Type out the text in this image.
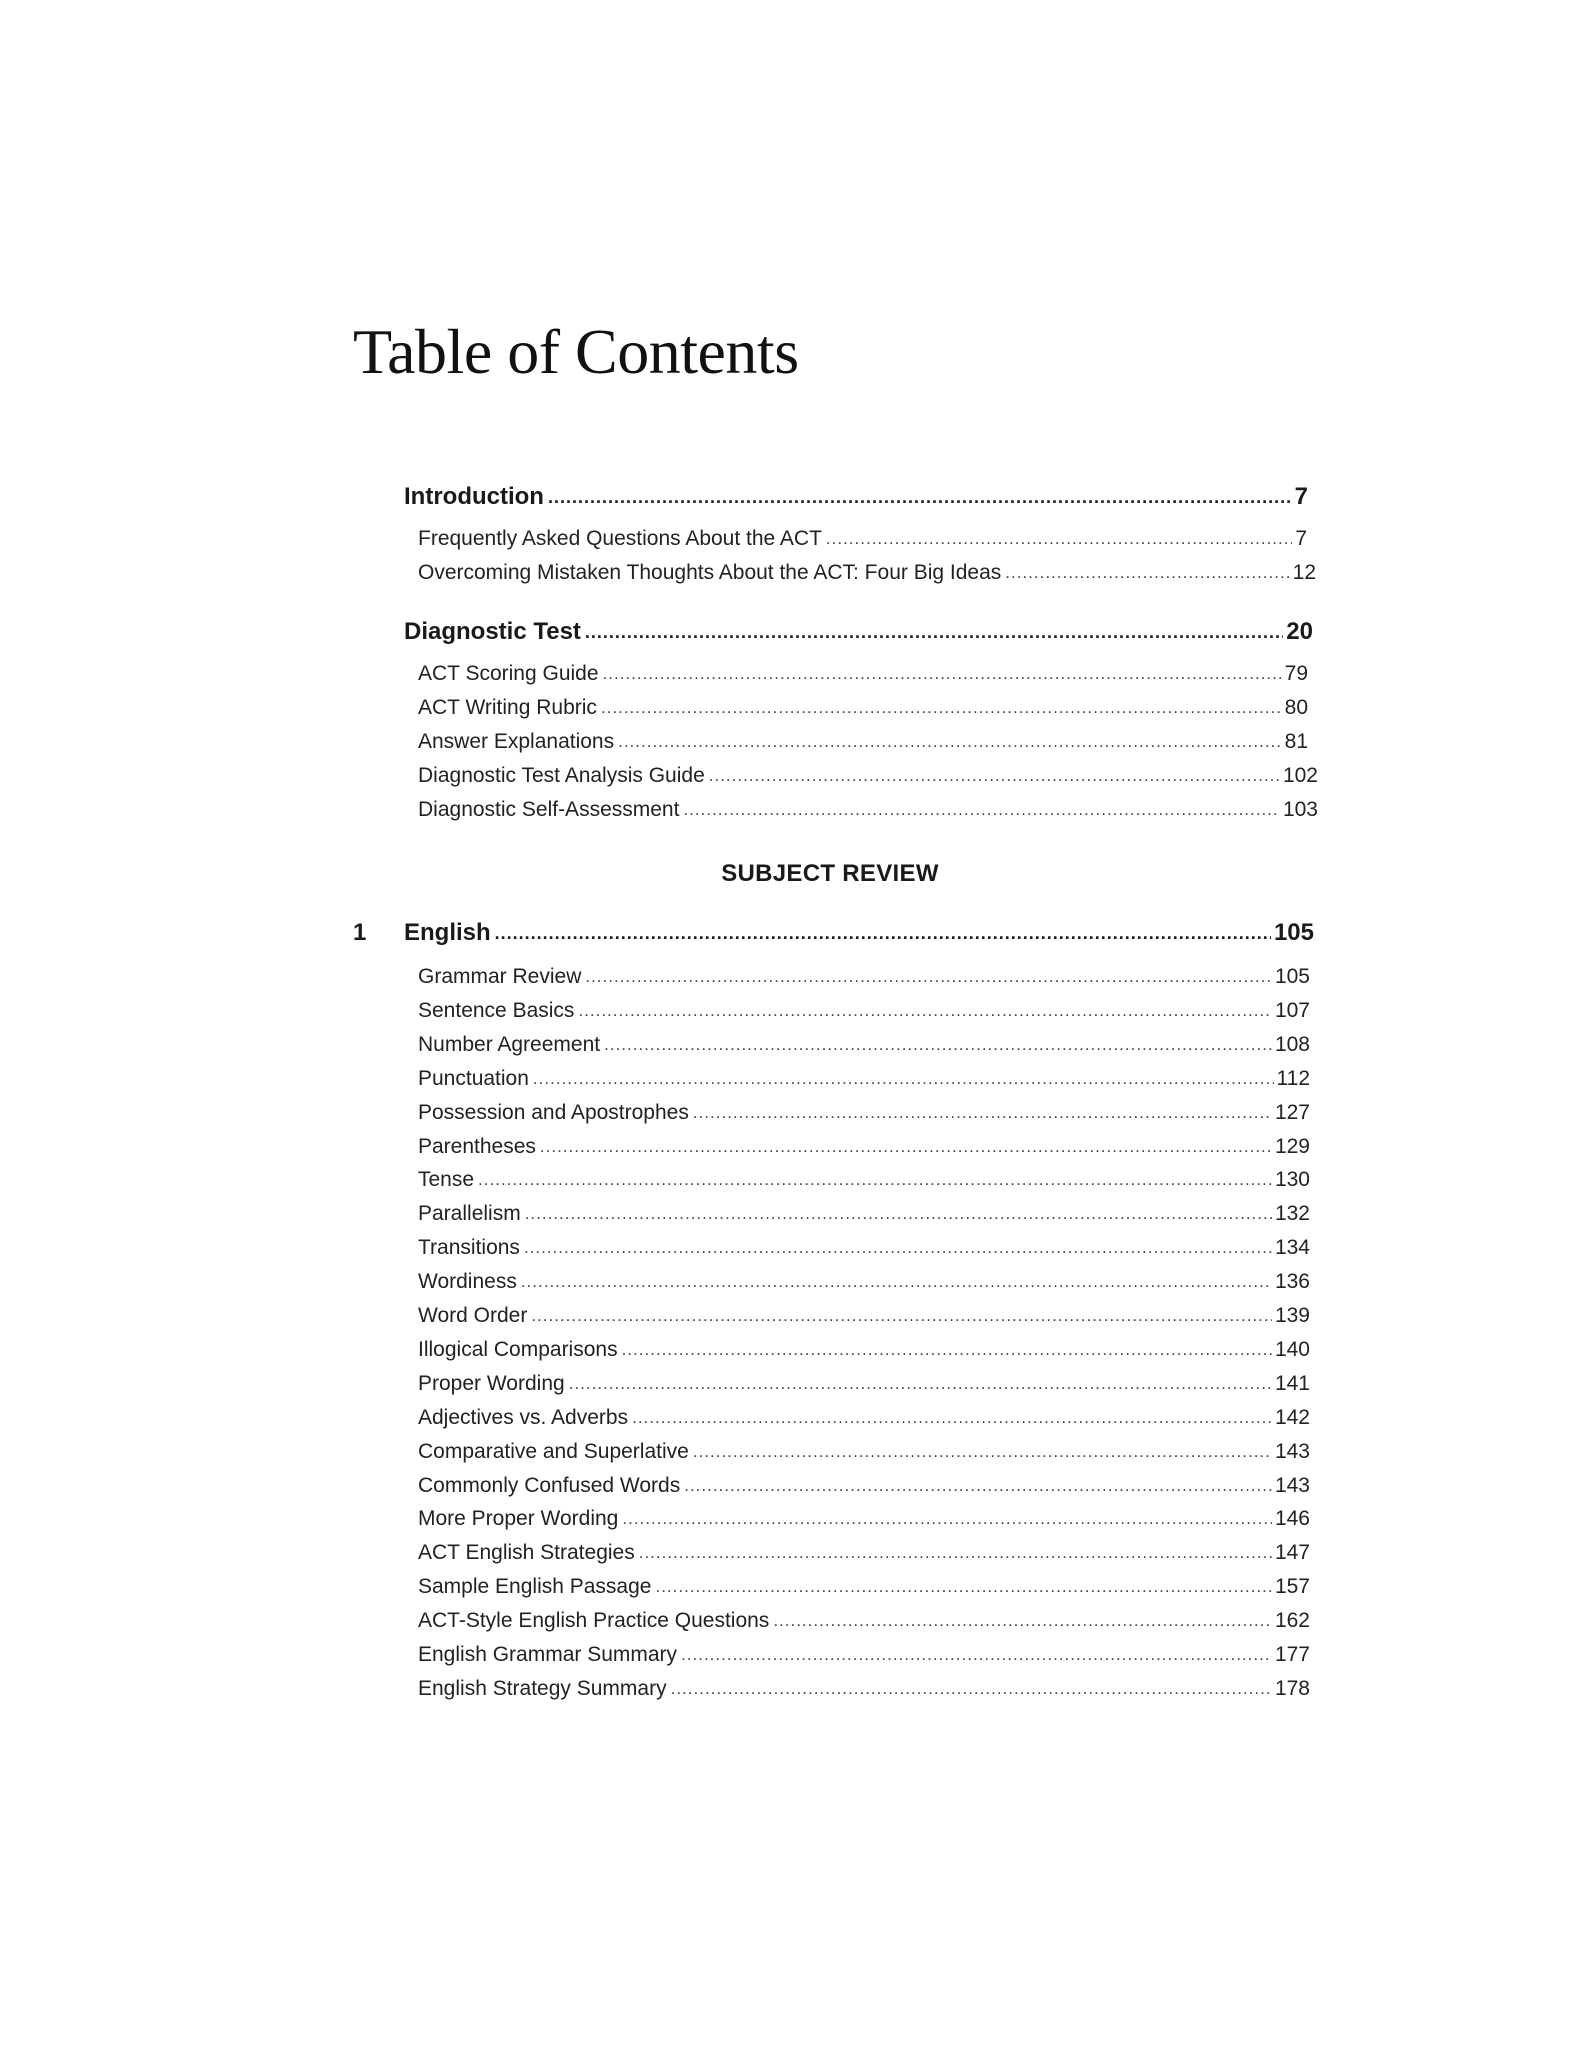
Table of Contents
Introduction .....	7
Frequently Asked Questions About the ACT .....	7
Overcoming Mistaken Thoughts About the ACT: Four Big Ideas .....	12
Diagnostic Test .....	20
ACT Scoring Guide .....	79
ACT Writing Rubric .....	80
Answer Explanations .....	81
Diagnostic Test Analysis Guide .....	102
Diagnostic Self-Assessment .....	103
SUBJECT REVIEW
1 English .....	105
Grammar Review .....	105
Sentence Basics .....	107
Number Agreement .....	108
Punctuation .....	112
Possession and Apostrophes .....	127
Parentheses .....	129
Tense .....	130
Parallelism .....	132
Transitions .....	134
Wordiness .....	136
Word Order .....	139
Illogical Comparisons .....	140
Proper Wording .....	141
Adjectives vs. Adverbs .....	142
Comparative and Superlative .....	143
Commonly Confused Words .....	143
More Proper Wording .....	146
ACT English Strategies .....	147
Sample English Passage .....	157
ACT-Style English Practice Questions .....	162
English Grammar Summary .....	177
English Strategy Summary .....	178
